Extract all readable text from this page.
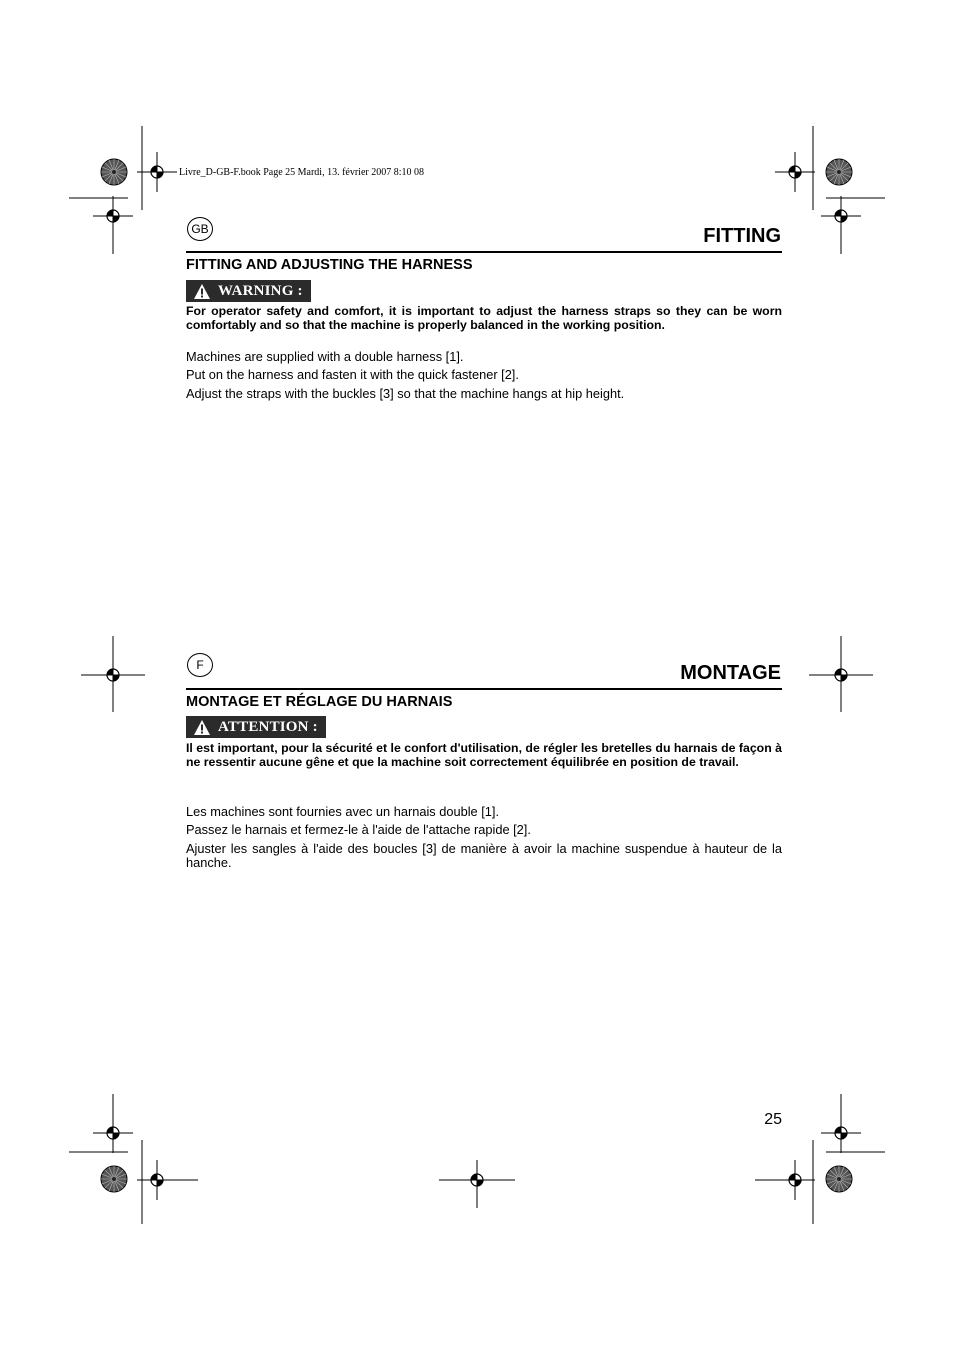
Livre_D-GB-F.book Page 25 Mardi, 13. février 2007 8:10 08
GB	FITTING
FITTING AND ADJUSTING THE HARNESS
WARNING :
For operator safety and comfort, it is important to adjust the harness straps so they can be worn comfortably and so that the machine is properly balanced in the working position.
Machines are supplied with a double harness [1].
Put on the harness and fasten it with the quick fastener [2].
Adjust the straps with the buckles [3] so that the machine hangs at hip height.
F	MONTAGE
MONTAGE ET RÉGLAGE DU HARNAIS
ATTENTION :
Il est important, pour la sécurité et le confort d'utilisation, de régler les bretelles du harnais de façon à ne ressentir aucune gêne et que la machine soit correctement équilibrée en position de travail.
Les machines sont fournies avec un harnais double [1].
Passez le harnais et fermez-le à l'aide de l'attache rapide [2].
Ajuster les sangles à l'aide des boucles [3] de manière à avoir la machine suspendue à hauteur de la hanche.
25
